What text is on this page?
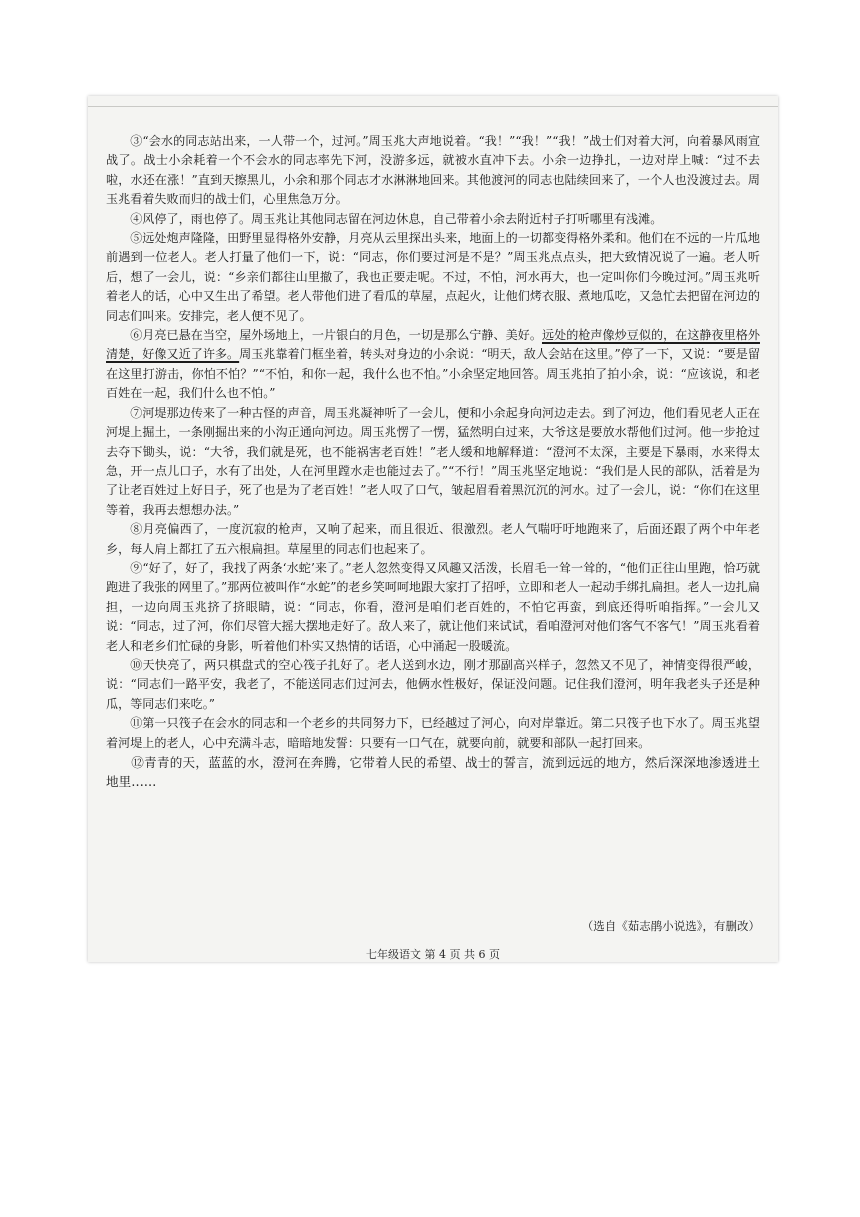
③“会水的同志站出来，一人带一个，过河。”周玉兆大声地说着。“我！”“我！”“我！”战士们对着大河，向着暴风雨宣战了。战士小余耗着一个不会水的同志率先下河，没游多远，就被水直冲下去。小余一边挣扎，一边对岸上喊：“过不去啦，水还在涨！”直到天擦黑儿，小余和那个同志才水淋淋地回来。其他渡河的同志也陆续回来了，一个人也没渡过去。周玉兆看着失败而归的战士们，心里焦急万分。

④风停了，雨也停了。周玉兆让其他同志留在河边休息，自己带着小余去附近村子打听哪里有浅滩。

⑤远处炮声隆隆，田野里显得格外安静，月亮从云里探出头来，地面上的一切都变得格外柔和。他们在不远的一片瓜地前遇到一位老人。老人打量了他们一下，说：“同志，你们要过河是不是？”周玉兆点点头，把大致情况说了一遍。老人听后，想了一会儿，说：“乡亲们都往山里撤了，我也正要走呢。不过，不怕，河水再大，也一定叫你们今晚过河。”周玉兆听着老人的话，心中又生出了希望。老人带他们进了看瓜的草屋，点起火，让他们烤衣服、煮地瓜吃，又急忙去把留在河边的同志们叫来。安排完，老人便不见了。

⑥月亮已悬在当空，屋外场地上，一片银白的月色，一切是那么宁静、美好。远处的枪声像炒豆似的，在这静夜里格外清楚，好像又近了许多。周玉兆靠着门框坐着，转头对身边的小余说：“明天，敌人会站在这里。”停了一下，又说：“要是留在这里打游击，你怕不怕？”“不怕，和你一起，我什么也不怕。”小余坚定地回答。周玉兆拍了拍小余，说：“应该说，和老百姓在一起，我们什么也不怕。”

⑦河堤那边传来了一种古怪的声音，周玉兆凝神听了一会儿，便和小余起身向河边走去。到了河边，他们看见老人正在河堤上掘土，一条刚掘出来的小沟正通向河边。周玉兆愣了一愣，猛然明白过来，大爷这是要放水帮他们过河。他一步抢过去夺下锄头，说：“大爷，我们就是死，也不能祸害老百姓！”老人缓和地解释道：“澄河不太深，主要是下暴雨，水来得太急，开一点儿口子，水有了出处，人在河里蹚水走也能过去了。”“不行！”周玉兆坚定地说：“我们是人民的部队，活着是为了让老百姓过上好日子，死了也是为了老百姓！”老人叹了口气，皱起眉看着黑沉沉的河水。过了一会儿，说：“你们在这里等着，我再去想想办法。”

⑧月亮偏西了，一度沉寂的枪声，又响了起来，而且很近、很激烈。老人气喘吁吁地跑来了，后面还跟了两个中年老乡，每人肩上都扛了五六根扁担。草屋里的同志们也起来了。

⑨“好了，好了，我找了两条‘水蛇’来了。”老人忽然变得又风趣又活泼，长眉毛一耸一耸的，“他们正往山里跑，恰巧就跑进了我张的网里了。”那两位被叫作“水蛇”的老乡笑呵呵地跟大家打了招呼，立即和老人一起动手绑扎扁担。老人一边扎扁担，一边向周玉兆挤了挤眼睛，说：“同志，你看，澄河是咱们老百姓的，不怕它再蛮，到底还得听咱指挥。”一会儿又说：“同志，过了河，你们尽管大摇大摆地走好了。敌人来了，就让他们来试试，看咱澄河对他们客气不客气！”周玉兆看着老人和老乡们忙碌的身影，听着他们朴实又热情的话语，心中涌起一股暖流。

⑩天快亮了，两只棋盘式的空心筏子扎好了。老人送到水边，刚才那副高兴样子，忽然又不见了，神情变得很严峻，说：“同志们一路平安，我老了，不能送同志们过河去，他俩水性极好，保证没问题。记住我们澄河，明年我老头子还是种瓜，等同志们来吃。”

⑪第一只筏子在会水的同志和一个老乡的共同努力下，已经越过了河心，向对岸靠近。第二只筏子也下水了。周玉兆望着河堤上的老人，心中充满斗志，暗暗地发誓：只要有一口气在，就要向前，就要和部队一起打回来。

⑫青青的天，蓝蓝的水，澄河在奔腾，它带着人民的希望、战士的誓言，流到远远的地方，然后深深地渗透进土地里……

（选自《茹志鹃小说选》，有删改）
七年级语文 第 4 页 共 6 页
